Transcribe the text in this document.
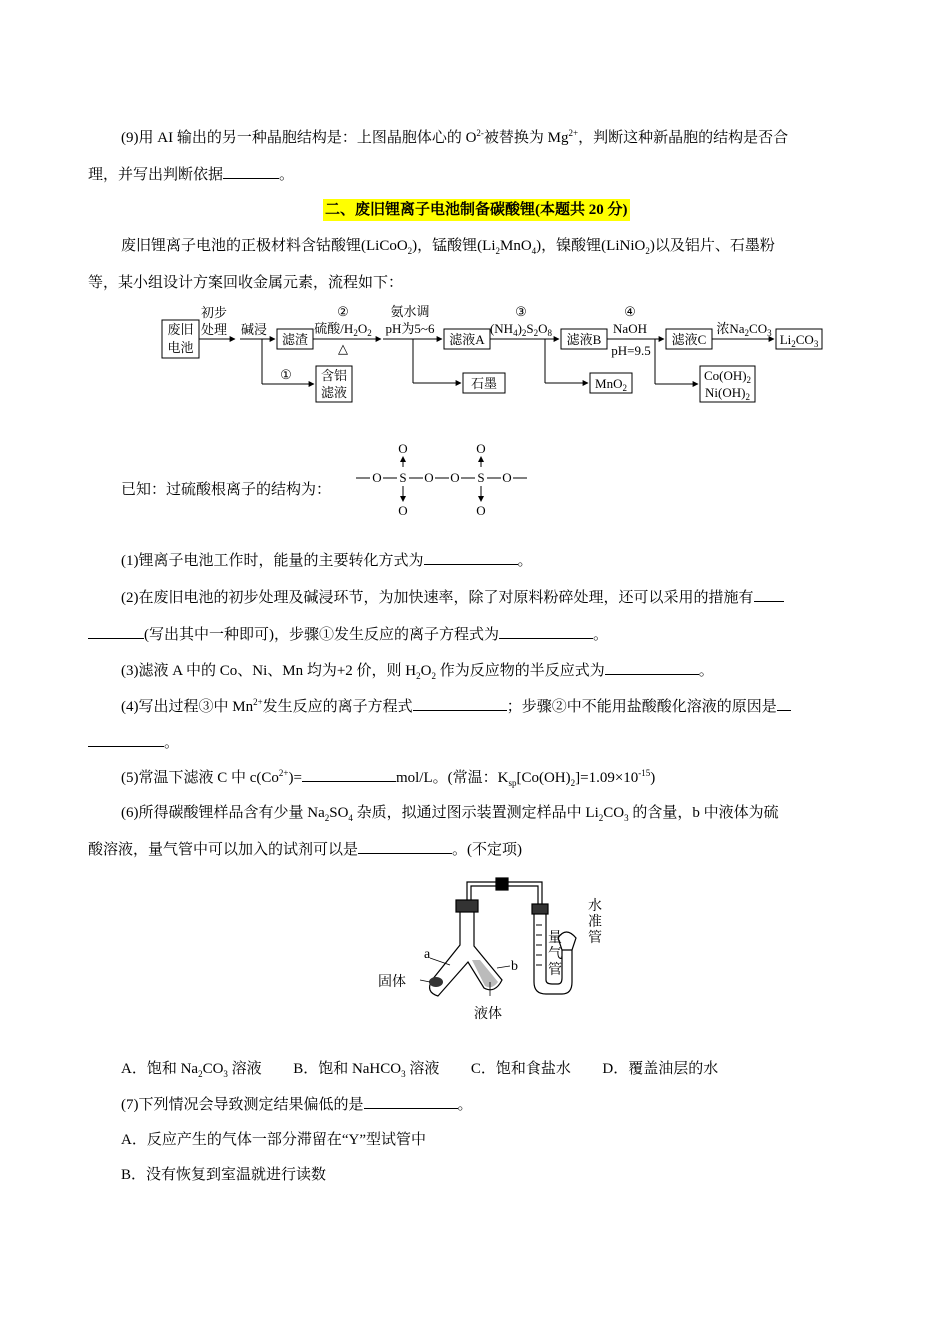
(9)用 AI 输出的另一种晶胞结构是：上图晶胞体心的 $O^{2-}$被替换为 $Mg^{2+}$，判断这种新晶胞的结构是否合
理，并写出判断依据	。
二、废旧锂离子电池制备碳酸锂(本题共 20 分)
废旧锂离子电池的正极材料含钴酸锂(LiCoO$_2$)，锰酸锂$(Li_2MnO_4)$，镍酸锂(LiNiO$_2$)以及铝片、石墨粉
等，某小组设计方案回收金属元素，流程如下：
废旧
电池
初步
处理 碱浸
滤渣
含铝
滤液
①
②
硫酸$/H_2O_2$
△
氨水调
pH为5~6
滤液A
石墨
③
$(NH_4)_2S_2O_8$ 滤液B
MnO$_2$
④
NaOH
pH=9.5
滤液C
$Co(OH)_2$
$Ni(OH)_2$
浓$Na_2CO_3$ $Li_2CO_3$
已知：过硫酸根离子的结构为：
O S O O S O
O
O
O
O
(1)锂离子电池工作时，能量的主要转化方式为	。
(2)在废旧电池的初步处理及碱浸环节，为加快速率，除了对原料粉碎处理，还可以采用的措施有
(写出其中一种即可)，步骤①发生反应的离子方程式为	。
(3)滤液 A 中的 Co、Ni、Mn 均为+2 价，则 $H_2O_2$ 作为反应物的半反应式为	。
(4)写出过程③中 $Mn^{2+}$发生反应的离子方程式	；步骤②中不能用盐酸酸化溶液的原因是
。
(5)常温下滤液 C 中 $c(Co^{2+})=$	mol/L。(常温：$K_{sp}[Co(OH)_2]=1.09\times 10^{-15}$)
(6)所得碳酸锂样品含有少量 $Na_2SO_4$ 杂质，拟通过图示装置测定样品中 $Li_2CO_3$ 的含量，b 中液体为硫
酸溶液，量气管中可以加入的试剂可以是	。(不定项)
a
b
固体
液体
量
气
管
水
准
管
A．饱和 $Na_2CO_3$ 溶液 B．饱和 NaHCO$_3$ 溶液 C．饱和食盐水 D．覆盖油层的水
(7)下列情况会导致测定结果偏低的是	。
A．反应产生的气体一部分滞留在“Y”型试管中
B．没有恢复到室温就进行读数
